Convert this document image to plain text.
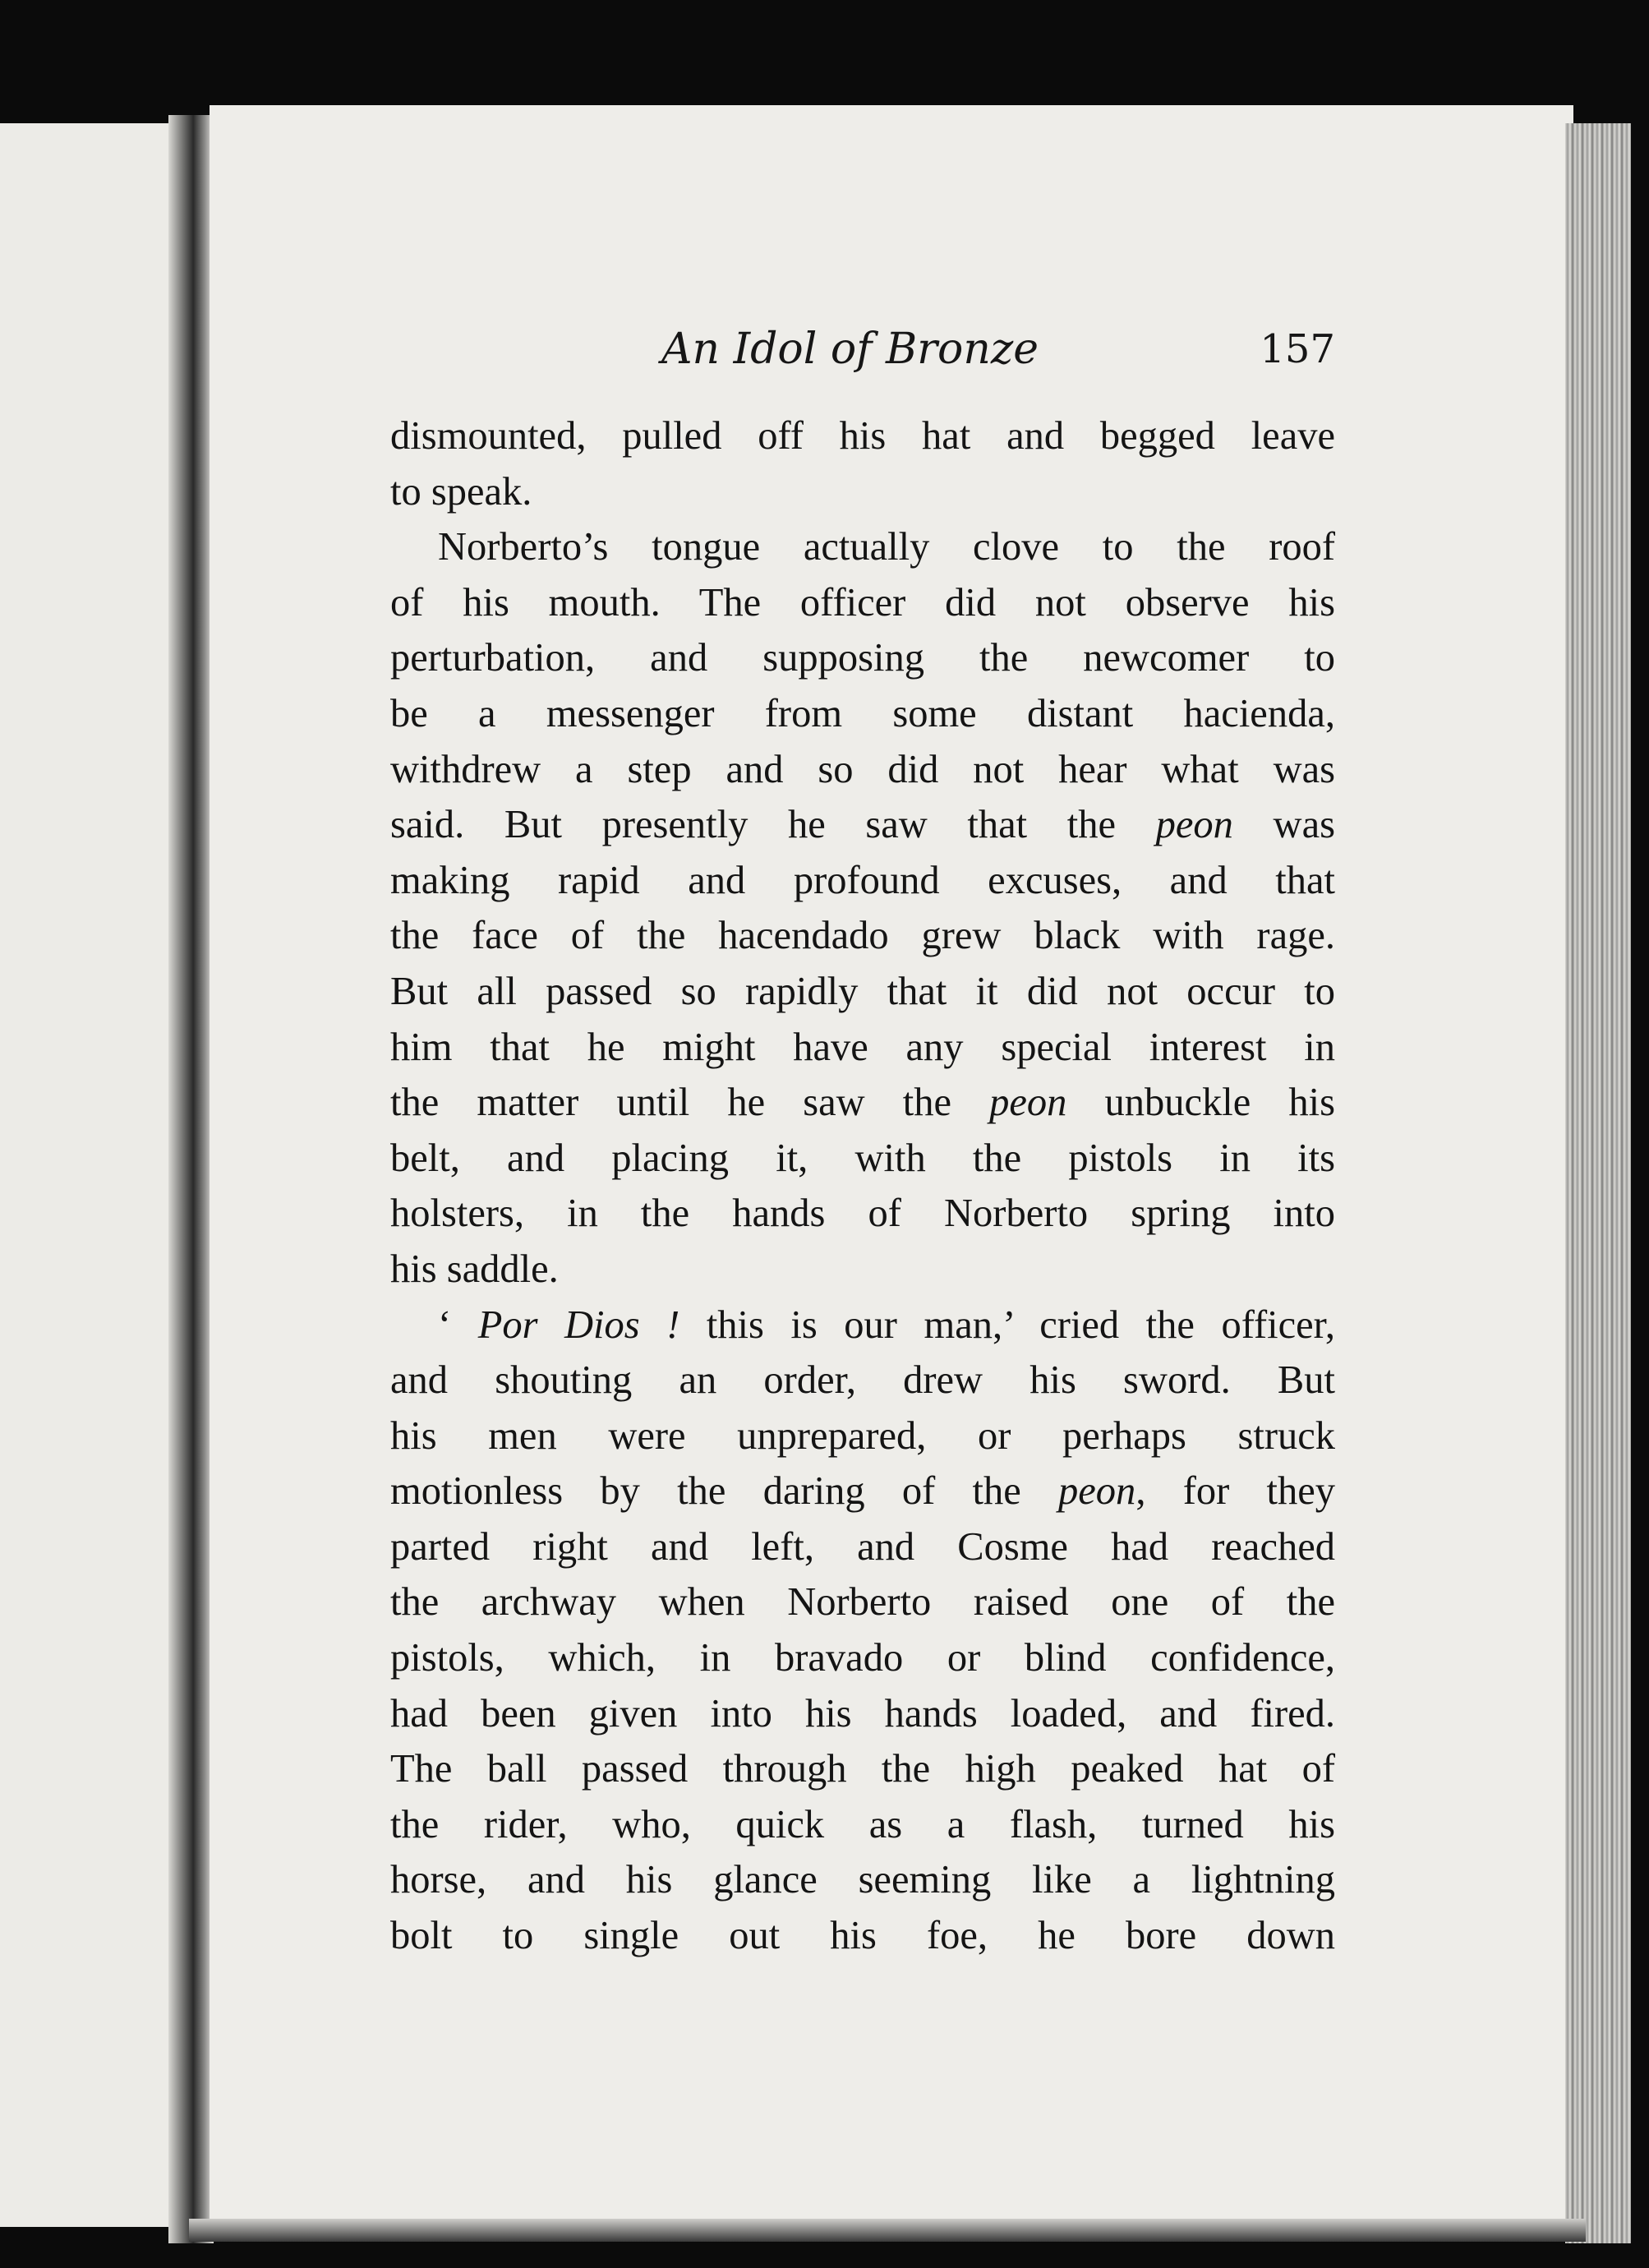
An Idol of Bronze	157
dismounted, pulled off his hat and begged leave
to speak.
Norberto’s tongue actually clove to the roof
of his mouth. The officer did not observe his
perturbation, and supposing the newcomer to
be a messenger from some distant hacienda,
withdrew a step and so did not hear what was
said. But presently he saw that the peon was
making rapid and profound excuses, and that
the face of the hacendado grew black with rage.
But all passed so rapidly that it did not occur to
him that he might have any special interest in
the matter until he saw the peon unbuckle his
belt, and placing it, with the pistols in its
holsters, in the hands of Norberto spring into
his saddle.
‘ Por Dios ! this is our man,’ cried the officer,
and shouting an order, drew his sword. But
his men were unprepared, or perhaps struck
motionless by the daring of the peon, for they
parted right and left, and Cosme had reached
the archway when Norberto raised one of the
pistols, which, in bravado or blind confidence,
had been given into his hands loaded, and fired.
The ball passed through the high peaked hat of
the rider, who, quick as a flash, turned his
horse, and his glance seeming like a lightning
bolt to single out his foe, he bore down
